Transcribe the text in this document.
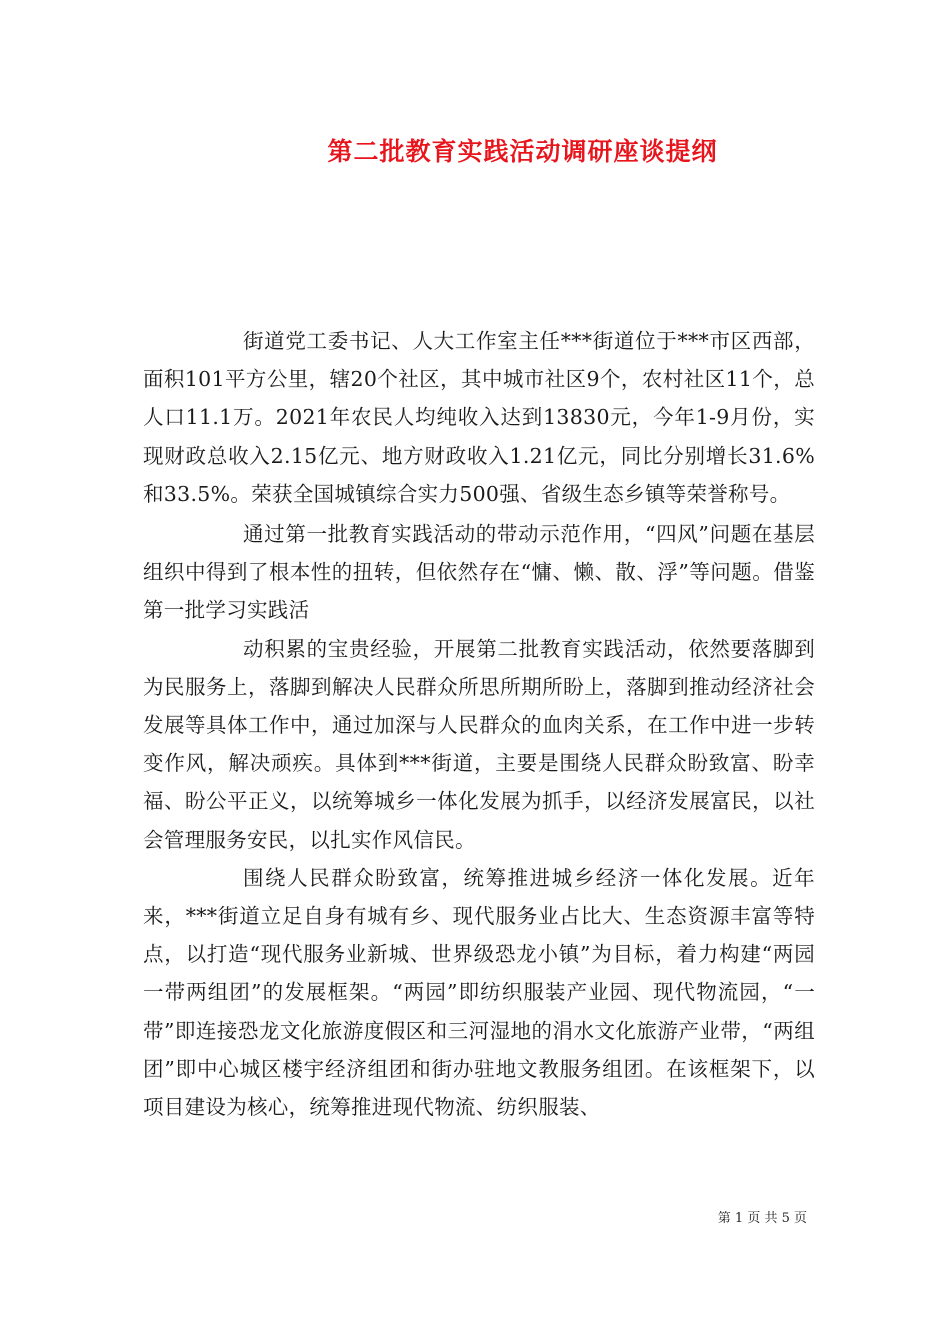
第二批教育实践活动调研座谈提纲

街道党工委书记、人大工作室主任***街道位于***市区西部，面积101平方公里，辖20个社区，其中城市社区9个，农村社区11个，总人口11.1万。2021年农民人均纯收入达到13830元，今年1-9月份，实现财政总收入2.15亿元、地方财政收入1.21亿元，同比分别增长31.6%和33.5%。荣获全国城镇综合实力500强、省级生态乡镇等荣誉称号。

通过第一批教育实践活动的带动示范作用，“四风”问题在基层组织中得到了根本性的扭转，但依然存在“慵、懒、散、浮”等问题。借鉴第一批学习实践活

动积累的宝贵经验，开展第二批教育实践活动，依然要落脚到为民服务上，落脚到解决人民群众所思所期所盼上，落脚到推动经济社会发展等具体工作中，通过加深与人民群众的血肉关系，在工作中进一步转变作风，解决顽疾。具体到***街道，主要是围绕人民群众盼致富、盼幸福、盼公平正义，以统筹城乡一体化发展为抓手，以经济发展富民，以社会管理服务安民，以扎实作风信民。

围绕人民群众盼致富，统筹推进城乡经济一体化发展。近年来，***街道立足自身有城有乡、现代服务业占比大、生态资源丰富等特点，以打造“现代服务业新城、世界级恐龙小镇”为目标，着力构建“两园一带两组团”的发展框架。“两园”即纺织服装产业园、现代物流园，“一带”即连接恐龙文化旅游度假区和三河湿地的涓水文化旅游产业带，“两组团”即中心城区楼宇经济组团和街办驻地文教服务组团。在该框架下，以项目建设为核心，统筹推进现代物流、纺织服装、

第 1 页 共 5 页
